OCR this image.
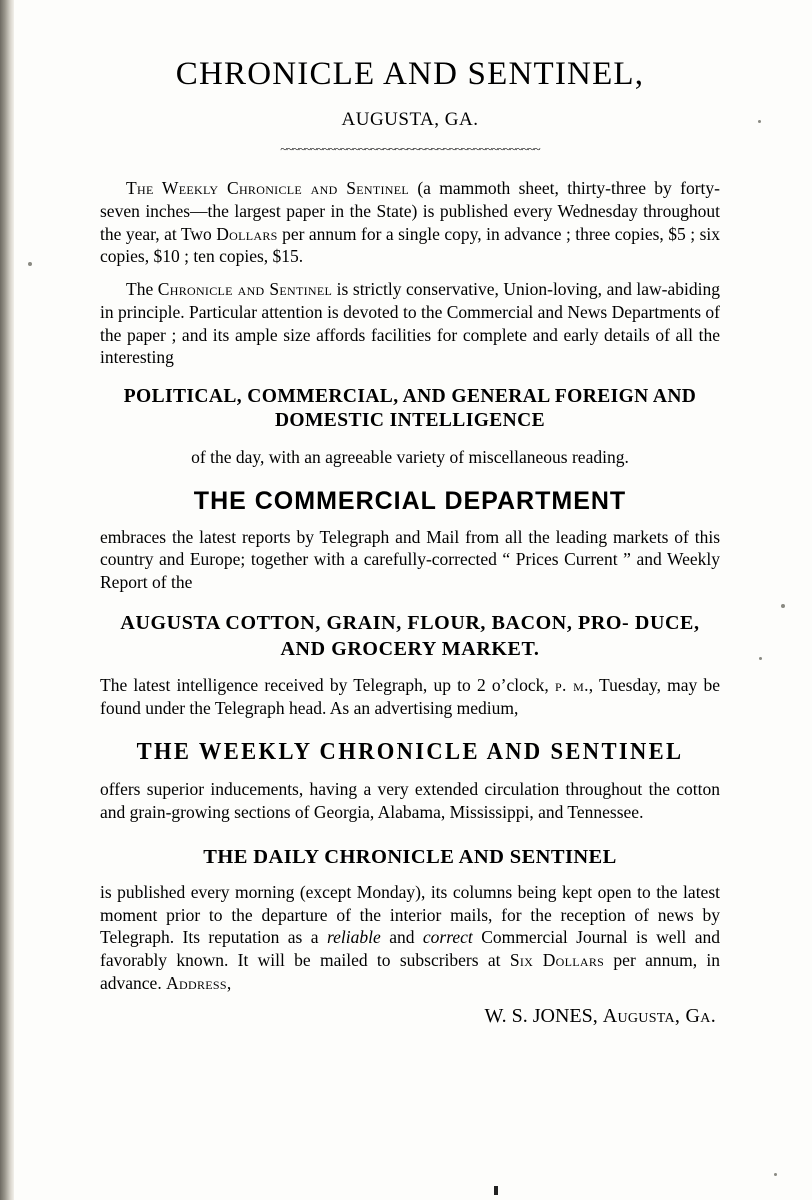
CHRONICLE AND SENTINEL,
AUGUSTA, GA.
~~~~~~~~~~~~~~~~~~~~~~~~~~~~~~~~~~~~~~~~~~~

The Weekly Chronicle and Sentinel (a mammoth sheet, thirty-three by forty-seven inches—the largest paper in the State) is published every Wednesday throughout the year, at Two Dollars per annum for a single copy, in advance ; three copies, $5 ; six copies, $10 ; ten copies, $15.

The Chronicle and Sentinel is strictly conservative, Union-loving, and law-abiding in principle. Particular attention is devoted to the Commercial and News Departments of the paper ; and its ample size affords facilities for complete and early details of all the interesting

POLITICAL, COMMERCIAL, AND GENERAL FOREIGN AND DOMESTIC INTELLIGENCE

of the day, with an agreeable variety of miscellaneous reading.

THE COMMERCIAL DEPARTMENT

embraces the latest reports by Telegraph and Mail from all the leading markets of this country and Europe; together with a carefully-corrected “ Prices Current ” and Weekly Report of the

AUGUSTA COTTON, GRAIN, FLOUR, BACON, PRO- DUCE, AND GROCERY MARKET.

The latest intelligence received by Telegraph, up to 2 o’clock, p. m., Tuesday, may be found under the Telegraph head. As an advertising medium,

THE WEEKLY CHRONICLE AND SENTINEL

offers superior inducements, having a very extended circulation throughout the cotton and grain-growing sections of Georgia, Alabama, Mississippi, and Tennessee.

THE DAILY CHRONICLE AND SENTINEL

is published every morning (except Monday), its columns being kept open to the latest moment prior to the departure of the interior mails, for the reception of news by Telegraph. Its reputation as a reliable and correct Commercial Journal is well and favorably known. It will be mailed to subscribers at Six Dollars per annum, in advance. Address,

W. S. JONES, Augusta, Ga.
